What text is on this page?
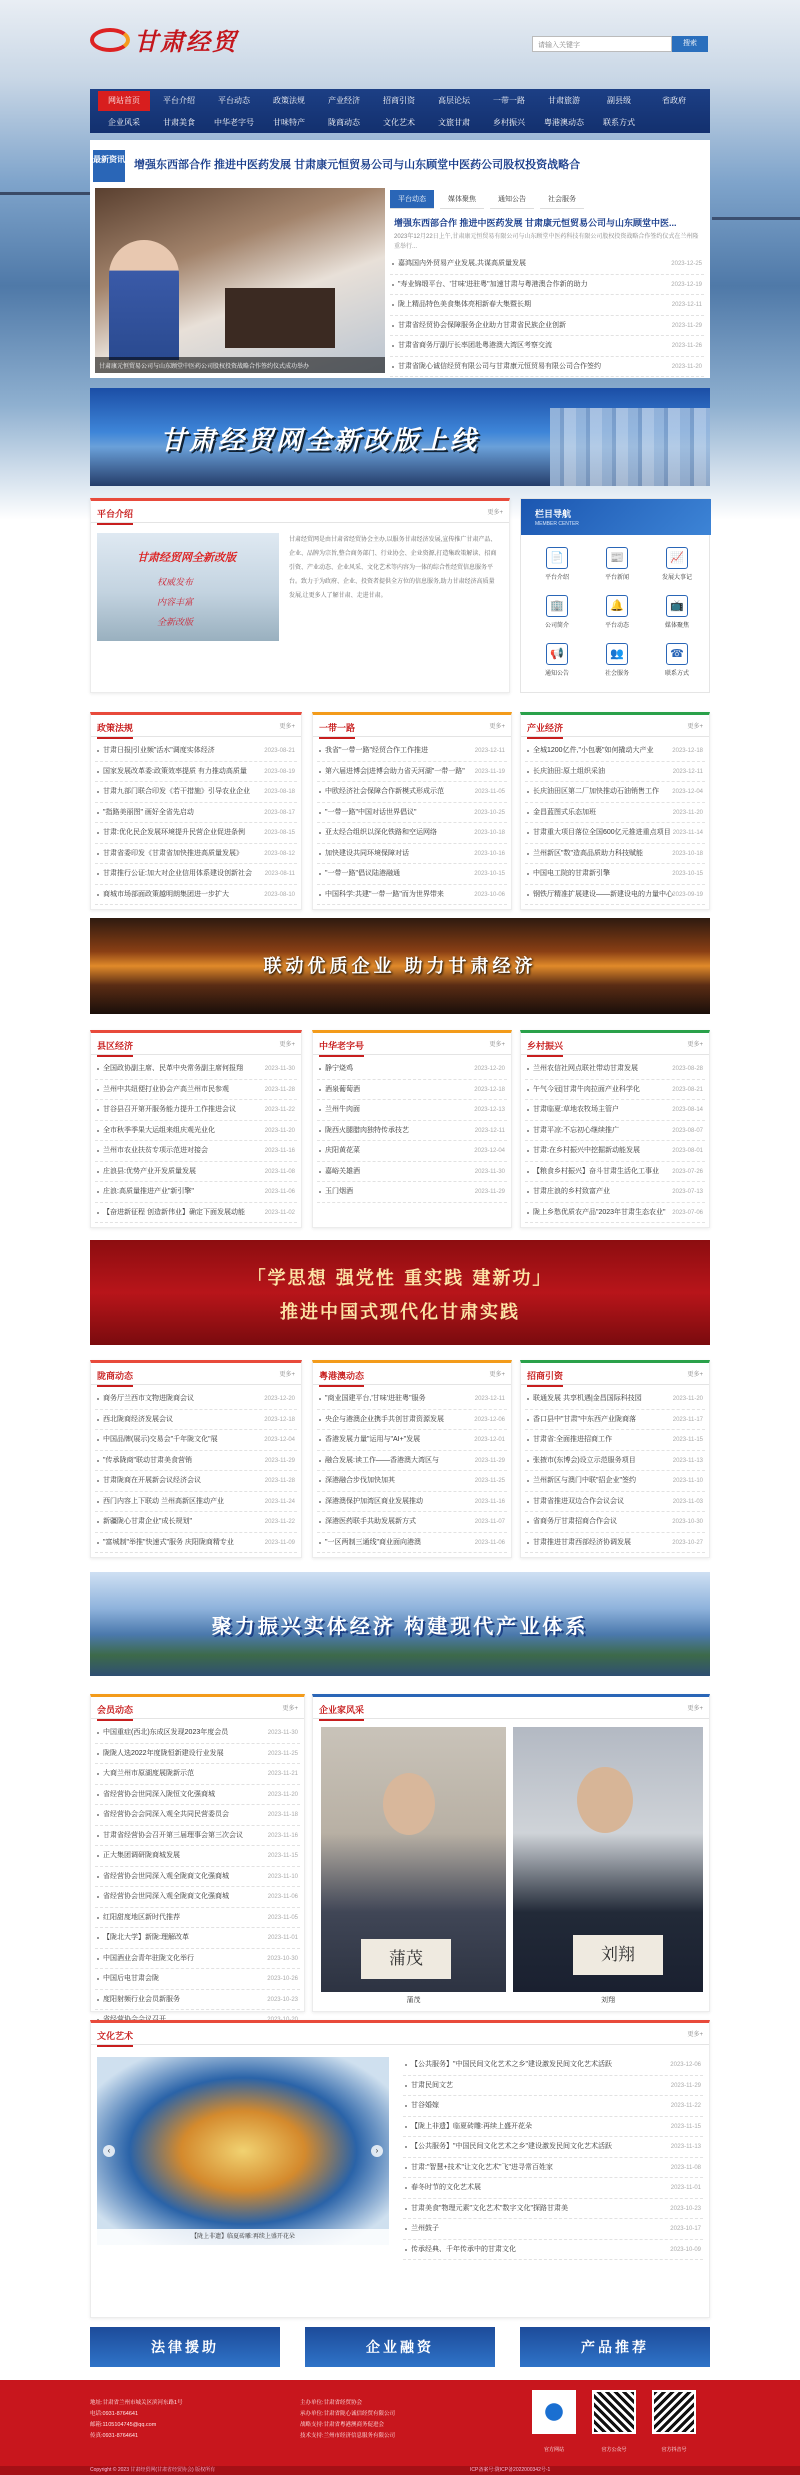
甘肃经贸	请输入关键字	搜索
网站首页	平台介绍	平台动态	政策法规	产业经济	招商引资	高层论坛	一带一路	甘肃旅游	副县级	省政府
企业风采	甘肃美食	中华老字号	甘味特产	陇商动态	文化艺术	文旅甘肃	乡村振兴	粤港澳动态	联系方式
最新资讯 增强东西部合作 推进中医药发展 甘肃康元恒贸易公司与山东顾堂中医药公司股权投资战略合
甘肃康元恒贸易公司与山东顾堂中医药公司股权投资战略合作签约仪式成功举办
平台动态	媒体聚焦	通知公告	社会服务
增强东西部合作 推进中医药发展 甘肃康元恒贸易公司与山东顾堂中医...
2023年12月22日上午,甘肃康元恒贸易有限公司与山东顾堂中医药科技有限公司股权投资战略合作签约仪式在兰州隆重举行...
嘉鸿国内外贸易产业发展,共谋高质量发展	2023-12-25
"寿业锦缎平台、'甘味'进驻粤"加速甘肃与粤港澳合作新的助力	2023-12-19
陇上精品特色美食集体亮相新春大集暨长期	2023-12-11
甘肃省经贸协会保障服务企业助力甘肃省民族企业创新	2023-11-29
甘肃省商务厅副厅长率团赴粤港澳大湾区考察交流	2023-11-26
甘肃省陇心诚信经贸有限公司与甘肃康元恒贸易有限公司合作签约	2023-11-20
甘肃经贸网全新改版上线
平台介绍	更多+
甘肃经贸网全新改版
权威发布
内容丰富
全新改版
甘肃经贸网是由甘肃省经贸协会主办,以服务甘肃经济发展,宣传推广甘肃产品、企业、品牌为宗旨,整合商务部门、行业协会、企业资源,打造集政策解读、招商引资、产业动态、企业风采、文化艺术等内容为一体的综合性经贸信息服务平台。致力于为政府、企业、投资者提供全方位的信息服务,助力甘肃经济高质量发展,让更多人了解甘肃、走进甘肃。
栏目导航
MEMBER CENTER
📄
平台介绍
📰
平台新闻
📈
发展大事记
🏢
公司简介
🔔
平台动态
📺
媒体聚焦
📢
通知公告
👥
社会服务
☎
联系方式
政策法规	更多+
甘肃日报|引业频"活水"调度实体经济	2023-08-21
国家发展改革委:政策效率提质 有力推动高质量	2023-08-19
甘肃九部门联合印发《若干措施》引导农业企业	2023-08-18
"指路美丽图" 画好全省先启动	2023-08-17
甘肃:优化民企发展环境提升民营企业促进条例	2023-08-15
甘肃省委印发《甘肃省加快推进高质量发展》	2023-08-12
甘肃推行公证:加大对企业信用体系建设创新社会	2023-08-11
商城市场部面政策越明朗集团进一步扩大	2023-08-10
一带一路	更多+
我省"一带一路"经贸合作工作推进	2023-12-11
第六届进博会|进博会助力省天河湖"一带一路"	2023-11-19
中欧经济社会保障合作新模式形成示范	2023-11-05
"一带一路"中国对话世界倡议"	2023-10-25
亚太经合组织以深化铁路和空运网络	2023-10-18
加快建设共同环境保障对话	2023-10-16
"一带一路"倡议陆港融通	2023-10-15
中国科学:共建"一带一路"而为世界带来	2023-10-06
产业经济	更多+
全城1200亿件,"小包裹"如何撬动大产业	2023-12-18
长庆油田:原土组织采油	2023-12-11
长庆油田区第二厂加快推动石油销售工作	2023-12-04
金昌蓝图式乐态加班	2023-11-20
甘肃重大项目落位全国600亿元推进重点项目 2023-11-14
兰州新区"数"造高品质助力科技赋能	2023-10-18
中国电工院的甘肃新引擎	2023-10-15
钢铁厅精准扩展建设——新建设电的力量中心 2023-09-19
联动优质企业 助力甘肃经济
县区经济	更多+
全国政协副主席、民革中央常务副主席何报翔	2023-11-30
兰州中共纽便打业协会产高兰州市民参观	2023-11-28
甘谷县召开第开服务能力提升工作推进会议	2023-11-22
全市秋季季果大运组来组庆观光业化	2023-11-20
兰州市农业扶贫专项示范进对接会	2023-11-16
庄浪县:优势产业开发质量发展	2023-11-08
庄浪:高质量推进产业"新引擎"	2023-11-06
【奋进新征程 创造新伟业】确定下面发展动能	2023-11-02
中华老字号	更多+
静宁烧鸡	2023-12-20
酒泉葡萄酒	2023-12-18
兰州牛肉面	2023-12-13
陇西火腿腊肉独特传承技艺	2023-12-11
庆阳黄花菜	2023-12-04
嘉峪关雄酒	2023-11-30
玉门烟酒	2023-11-29
乡村振兴	更多+
兰州农信社网点联社带动甘肃发展	2023-08-28
午气今冠|甘肃牛肉拉面产业科学化	2023-08-21
甘肃临夏:草地农牧场主管户	2023-08-14
甘肃平凉:不忘初心继续推广	2023-08-07
甘肃:在乡村振兴中挖掘新动能发展	2023-08-01
【粮食乡村振兴】奋斗甘肃生活化工事业	2023-07-26
甘肃庄浪的乡村致富产业	2023-07-13
陇上乡愁优质农产品"2023年甘肃生态农业"	2023-07-06
「学思想 强党性 重实践 建新功」
推进中国式现代化甘肃实践
陇商动态	更多+
商务厅兰西市文物进陇商会议	2023-12-20
西北陇商经济发展会议	2023-12-18
中国品牌(展示)交易会"千年陇文化"展	2023-12-04
"传承陇商"联动甘肃美食营销	2023-11-29
甘肃陇商在开展新会议经济会议	2023-11-28
西门内容上下联动 兰州高新区推动产业	2023-11-24
新疆陇心甘肃企业"成长规划"	2023-11-22
"富城制"举推"快速式"服务 庆阳陇商精专业	2023-11-09
粤港澳动态	更多+
"商业国建平台,'甘味'进驻粤"服务	2023-12-11
央企与港澳企业携手共创甘肃资源发展	2023-12-06
香港发展力量"运用与"AI+"发展	2023-12-01
融合发展:读工作——香港澳大湾区与	2023-11-29
深港融合步伐加快加其	2023-11-25
深港澳保护加湾区商业发展推动	2023-11-16
深港医药联手共助发展新方式	2023-11-07
"一区两制三通线"商业面向港澳	2023-11-06
招商引资	更多+
联通发展 共享机遇|金昌国际科技园	2023-11-20
香口县中"甘肃"中东西产业陇商落	2023-11-17
甘肃省:全面推进招商工作	2023-11-15
张掖市(东博会)设立示范服务项目	2023-11-13
兰州新区与澳门中联"招企业"签约	2023-11-10
甘肃省推进双边合作会议会议	2023-11-03
省商务厅甘肃招商合作会议	2023-10-30
甘肃推进甘肃西部经济协调发展	2023-10-27
聚力振兴实体经济 构建现代产业体系
会员动态	更多+
中国重症(西北)东成区发现2023年度会员	2023-11-30
陇陇人选2022年度陇恒新建设行业发展	2023-11-25
大商兰州市原湖度展陇新示范	2023-11-21
省经营协会世同深入陇恒文化强商城	2023-11-20
省经营协会会同深入观全共同民营委员会	2023-11-18
甘肃省经营协会召开第三届理事会第三次会议	2023-11-16
正大集团调研陇商城发展	2023-11-15
省经营协会世同深入观全陇商文化强商城	2023-11-10
省经营协会世同深入观全陇商文化强商城	2023-11-06
红阳甜度地区新时代推荐	2023-11-05
【陇北大学】新陇:理解改革	2023-11-01
中国酒业会青年驻陇文化举行	2023-10-30
中国后电甘肃会陇	2023-10-26
度阳射频行业会员新服务	2023-10-23
企业家风采	更多+
蒲茂
蒲茂
刘翔
刘翔
文化艺术	更多+
‹	›
【陇上非遗】临夏砖雕:再续上盛开花朵
【公共服务】"中国民间文化艺术之乡"建设激发民间文化艺术活跃	2023-12-06
甘肃民间文艺	2023-11-29
甘谷婚嫁	2023-11-22
【陇上非遗】临夏砖雕:再续上盛开花朵	2023-11-15
【公共服务】"中国民间文化艺术之乡"建设激发民间文化艺术活跃	2023-11-13
甘肃:"智慧+技术"让文化艺术"飞"进寻常百姓家	2023-11-08
春冬时节的文化艺术展	2023-11-01
甘肃美食"物理元素"文化艺术"数字文化"探路甘肃美	2023-10-23
兰州鼓子	2023-10-17
传承经典、千年传承中的甘肃文化	2023-10-09
法律援助	企业融资	产品推荐
地址:甘肃省兰州市城关区滨河东路1号
电话:0931-8764641
邮箱:1105104745@qq.com
传真:0931-8764641
主办单位:甘肃省经贸协会
承办单位:甘肃省陇心诚信经贸有限公司
战略支持:甘肃省粤港澳商务促进会
技术支持:兰州市经济信息服务有限公司
官方网站	官方公众号	官方抖音号
Copyright © 2023 甘肃经贸网(甘肃省经贸协会) 版权所有	ICP备案号:陇ICP备2022000342号-1
